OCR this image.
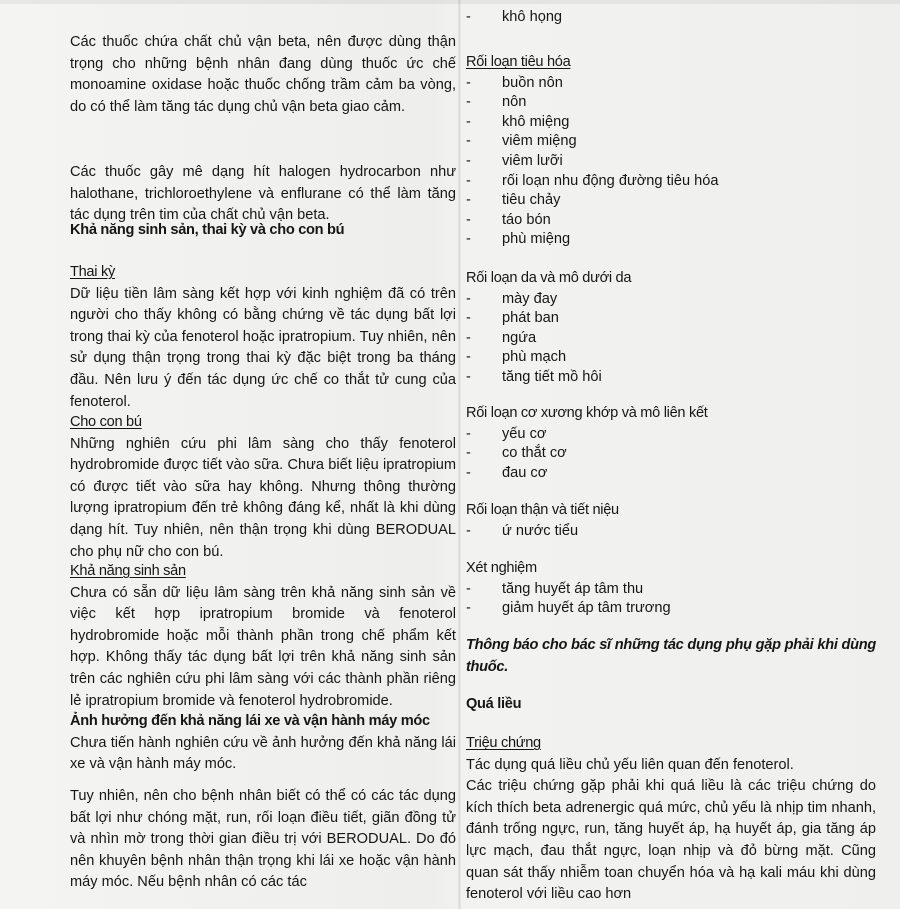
Các thuốc chứa chất chủ vận beta, nên được dùng thận trọng cho những bệnh nhân đang dùng thuốc ức chế monoamine oxidase hoặc thuốc chống trầm cảm ba vòng, do có thể làm tăng tác dụng chủ vận beta giao cảm.

Các thuốc gây mê dạng hít halogen hydrocarbon như halothane, trichloroethylene và enflurane có thể làm tăng tác dụng trên tim của chất chủ vận beta.

Khả năng sinh sản, thai kỳ và cho con bú
Thai kỳ

Dữ liệu tiền lâm sàng kết hợp với kinh nghiệm đã có trên người cho thấy không có bằng chứng về tác dụng bất lợi trong thai kỳ của fenoterol hoặc ipratropium. Tuy nhiên, nên sử dụng thận trọng trong thai kỳ đặc biệt trong ba tháng đầu. Nên lưu ý đến tác dụng ức chế co thắt tử cung của fenoterol.

Cho con bú

Những nghiên cứu phi lâm sàng cho thấy fenoterol hydrobromide được tiết vào sữa. Chưa biết liệu ipratropium có được tiết vào sữa hay không. Nhưng thông thường lượng ipratropium đến trẻ không đáng kể, nhất là khi dùng dạng hít. Tuy nhiên, nên thận trọng khi dùng BERODUAL cho phụ nữ cho con bú.

Khả năng sinh sản

Chưa có sẵn dữ liệu lâm sàng trên khả năng sinh sản về việc kết hợp ipratropium bromide và fenoterol hydrobromide hoặc mỗi thành phần trong chế phẩm kết hợp. Không thấy tác dụng bất lợi trên khả năng sinh sản trên các nghiên cứu phi lâm sàng với các thành phần riêng lẻ ipratropium bromide và fenoterol hydrobromide.

Ảnh hưởng đến khả năng lái xe và vận hành máy móc

Chưa tiến hành nghiên cứu về ảnh hưởng đến khả năng lái xe và vận hành máy móc.

Tuy nhiên, nên cho bệnh nhân biết có thể có các tác dụng bất lợi như chóng mặt, run, rối loạn điều tiết, giãn đồng tử và nhìn mờ trong thời gian điều trị với BERODUAL. Do đó nên khuyên bệnh nhân thận trọng khi lái xe hoặc vận hành máy móc. Nếu bệnh nhân có các tác

- khô họng
Rối loạn tiêu hóa
- buồn nôn
- nôn
- khô miệng
- viêm miệng
- viêm lưỡi
- rối loạn nhu động đường tiêu hóa
- tiêu chảy
- táo bón
- phù miệng
Rối loạn da và mô dưới da
- mày đay
- phát ban
- ngứa
- phù mạch
- tăng tiết mồ hôi
Rối loạn cơ xương khớp và mô liên kết
- yếu cơ
- co thắt cơ
- đau cơ
Rối loạn thận và tiết niệu
- ứ nước tiểu
Xét nghiệm
- tăng huyết áp tâm thu
- giảm huyết áp tâm trương

Thông báo cho bác sĩ những tác dụng phụ gặp phải khi dùng thuốc.

Quá liều
Triệu chứng

Tác dụng quá liều chủ yếu liên quan đến fenoterol.

Các triệu chứng gặp phải khi quá liều là các triệu chứng do kích thích beta adrenergic quá mức, chủ yếu là nhịp tim nhanh, đánh trống ngực, run, tăng huyết áp, hạ huyết áp, gia tăng áp lực mạch, đau thắt ngực, loạn nhịp và đỏ bừng mặt. Cũng quan sát thấy nhiễm toan chuyển hóa và hạ kali máu khi dùng fenoterol với liều cao hơn
